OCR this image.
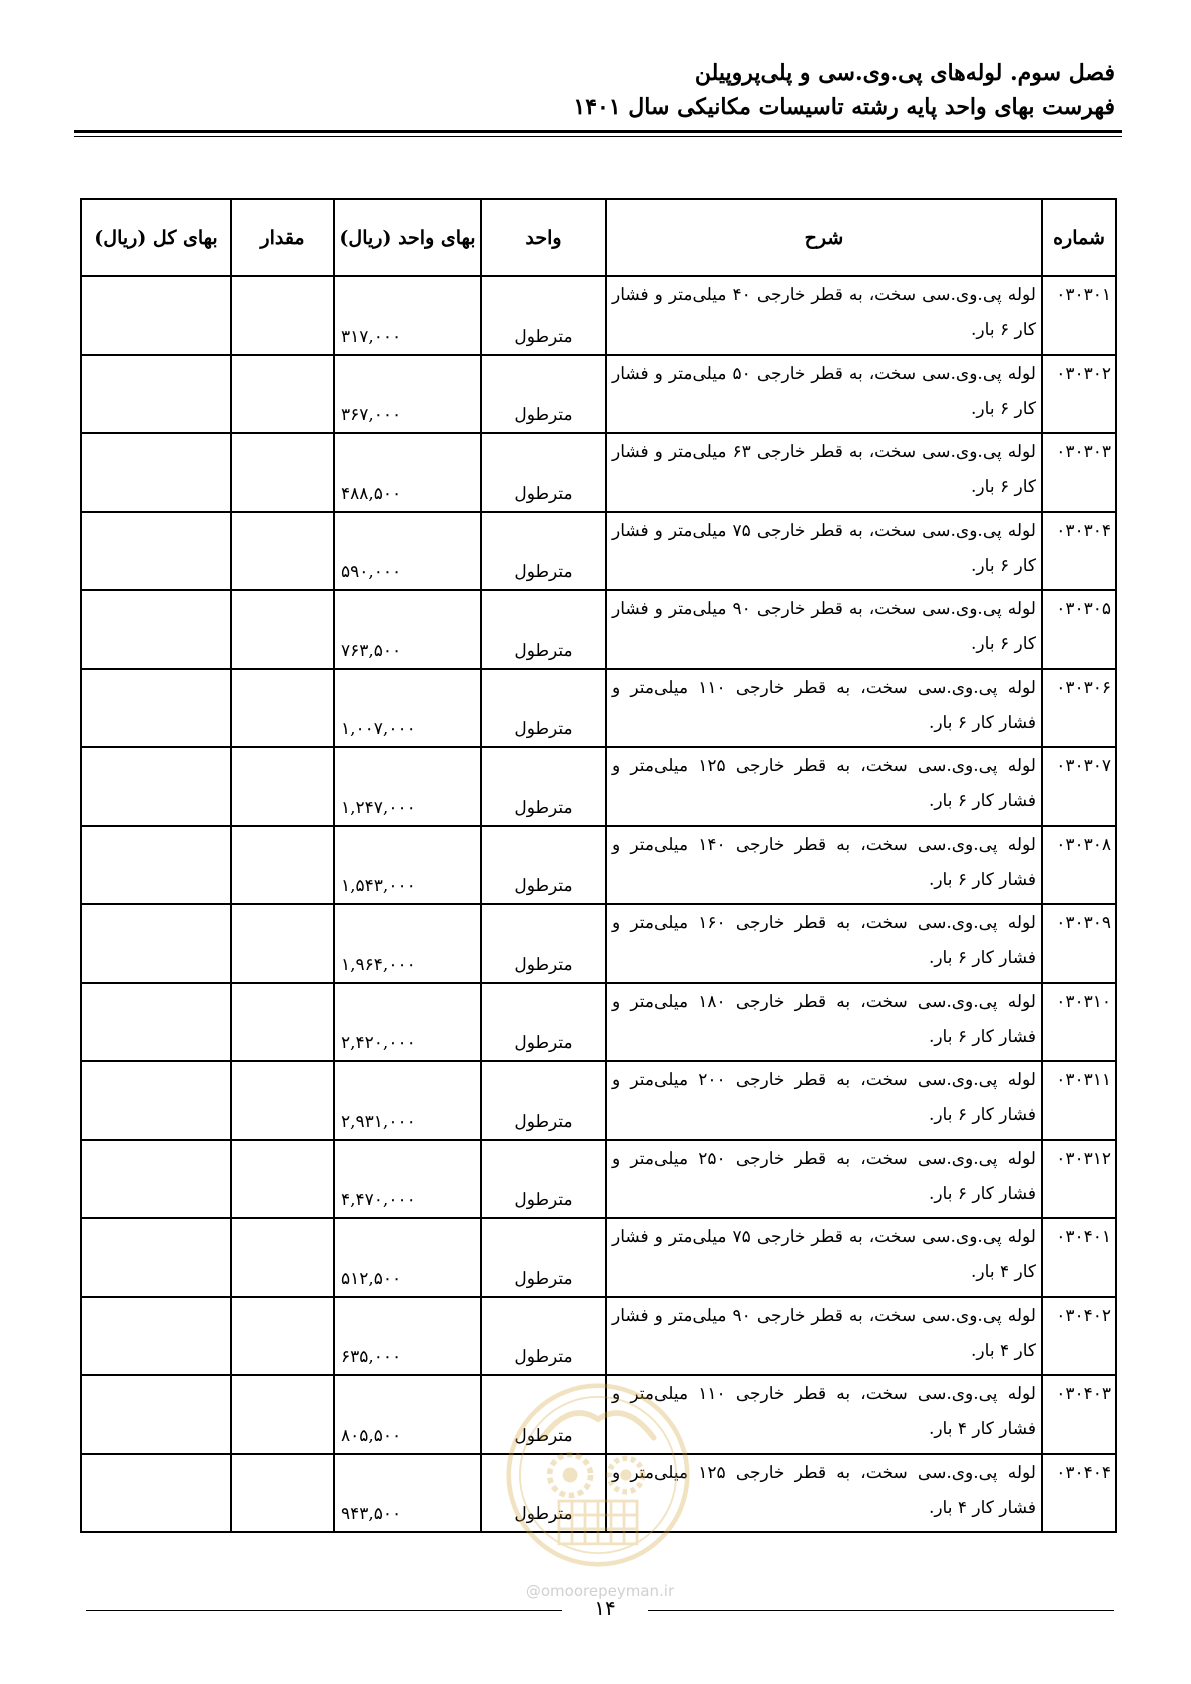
فصل سوم. لوله‌های پی.وی.سی و پلی‌پروپیلن
فهرست بهای واحد پایه رشته تاسیسات مکانیکی سال ۱۴۰۱
شماره	شرح	واحد	بهای واحد (ریال)	مقدار	بهای کل (ریال)
۰۳۰۳۰۱	لوله پی.وی.سی سخت، به قطر خارجی ۴۰ میلی‌متر و فشار کار ۶ بار.	مترطول	۳۱۷,۰۰۰		
۰۳۰۳۰۲	لوله پی.وی.سی سخت، به قطر خارجی ۵۰ میلی‌متر و فشار کار ۶ بار.	مترطول	۳۶۷,۰۰۰		
۰۳۰۳۰۳	لوله پی.وی.سی سخت، به قطر خارجی ۶۳ میلی‌متر و فشار کار ۶ بار.	مترطول	۴۸۸,۵۰۰		
۰۳۰۳۰۴	لوله پی.وی.سی سخت، به قطر خارجی ۷۵ میلی‌متر و فشار کار ۶ بار.	مترطول	۵۹۰,۰۰۰		
۰۳۰۳۰۵	لوله پی.وی.سی سخت، به قطر خارجی ۹۰ میلی‌متر و فشار کار ۶ بار.	مترطول	۷۶۳,۵۰۰		
۰۳۰۳۰۶	لوله پی.وی.سی سخت، به قطر خارجی ۱۱۰ میلی‌متر و فشار کار ۶ بار.	مترطول	۱,۰۰۷,۰۰۰		
۰۳۰۳۰۷	لوله پی.وی.سی سخت، به قطر خارجی ۱۲۵ میلی‌متر و فشار کار ۶ بار.	مترطول	۱,۲۴۷,۰۰۰		
۰۳۰۳۰۸	لوله پی.وی.سی سخت، به قطر خارجی ۱۴۰ میلی‌متر و فشار کار ۶ بار.	مترطول	۱,۵۴۳,۰۰۰		
۰۳۰۳۰۹	لوله پی.وی.سی سخت، به قطر خارجی ۱۶۰ میلی‌متر و فشار کار ۶ بار.	مترطول	۱,۹۶۴,۰۰۰		
۰۳۰۳۱۰	لوله پی.وی.سی سخت، به قطر خارجی ۱۸۰ میلی‌متر و فشار کار ۶ بار.	مترطول	۲,۴۲۰,۰۰۰		
۰۳۰۳۱۱	لوله پی.وی.سی سخت، به قطر خارجی ۲۰۰ میلی‌متر و فشار کار ۶ بار.	مترطول	۲,۹۳۱,۰۰۰		
۰۳۰۳۱۲	لوله پی.وی.سی سخت، به قطر خارجی ۲۵۰ میلی‌متر و فشار کار ۶ بار.	مترطول	۴,۴۷۰,۰۰۰		
۰۳۰۴۰۱	لوله پی.وی.سی سخت، به قطر خارجی ۷۵ میلی‌متر و فشار کار ۴ بار.	مترطول	۵۱۲,۵۰۰		
۰۳۰۴۰۲	لوله پی.وی.سی سخت، به قطر خارجی ۹۰ میلی‌متر و فشار کار ۴ بار.	مترطول	۶۳۵,۰۰۰		
۰۳۰۴۰۳	لوله پی.وی.سی سخت، به قطر خارجی ۱۱۰ میلی‌متر و فشار کار ۴ بار.	مترطول	۸۰۵,۵۰۰		
۰۳۰۴۰۴	لوله پی.وی.سی سخت، به قطر خارجی ۱۲۵ میلی‌متر و فشار کار ۴ بار.	مترطول	۹۴۳,۵۰۰		
@omoorepeyman.ir
۱۴
